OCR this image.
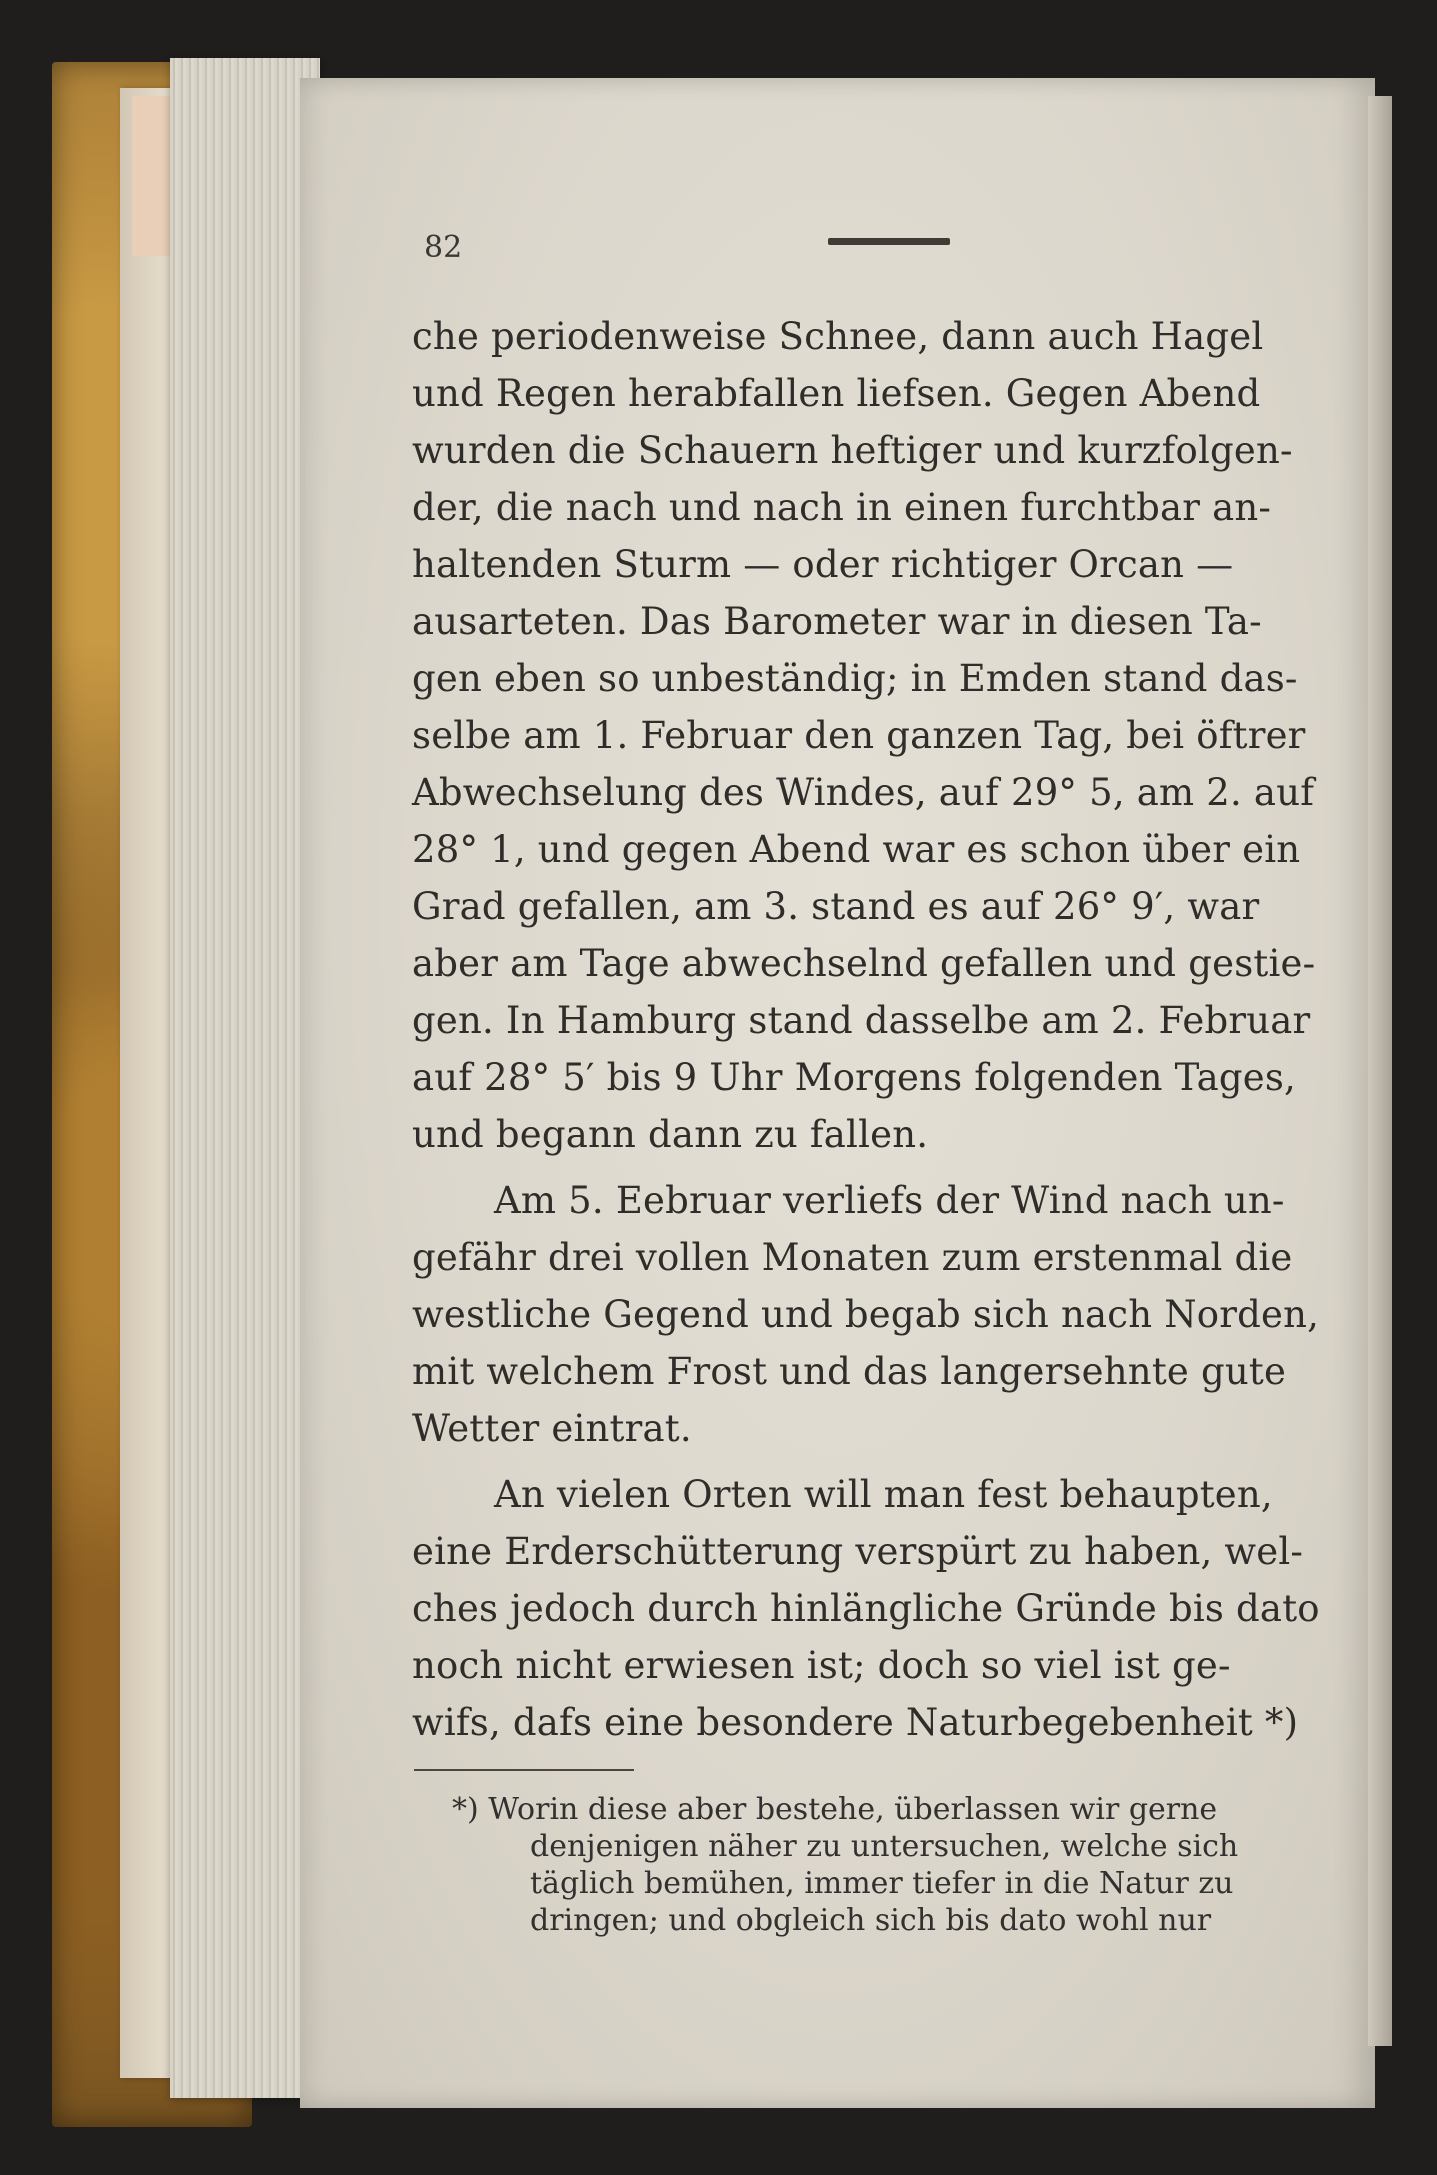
82
che periodenweise Schnee, dann auch Hagel
und Regen herabfallen liefsen. Gegen Abend
wurden die Schauern heftiger und kurzfolgen-
der, die nach und nach in einen furchtbar an-
haltenden Sturm — oder richtiger Orcan —
ausarteten. Das Barometer war in diesen Ta-
gen eben so unbeständig; in Emden stand das-
selbe am 1. Februar den ganzen Tag, bei öftrer
Abwechselung des Windes, auf 29° 5, am 2. auf
28° 1, und gegen Abend war es schon über ein
Grad gefallen, am 3. stand es auf 26° 9′, war
aber am Tage abwechselnd gefallen und gestie-
gen. In Hamburg stand dasselbe am 2. Februar
auf 28° 5′ bis 9 Uhr Morgens folgenden Tages,
und begann dann zu fallen.
Am 5. Eebruar verliefs der Wind nach un-
gefähr drei vollen Monaten zum erstenmal die
westliche Gegend und begab sich nach Norden,
mit welchem Frost und das langersehnte gute
Wetter eintrat.
An vielen Orten will man fest behaupten,
eine Erderschütterung verspürt zu haben, wel-
ches jedoch durch hinlängliche Gründe bis dato
noch nicht erwiesen ist; doch so viel ist ge-
wifs, dafs eine besondere Naturbegebenheit *)
*) Worin diese aber bestehe, überlassen wir gerne
denjenigen näher zu untersuchen, welche sich
täglich bemühen, immer tiefer in die Natur zu
dringen; und obgleich sich bis dato wohl nur
